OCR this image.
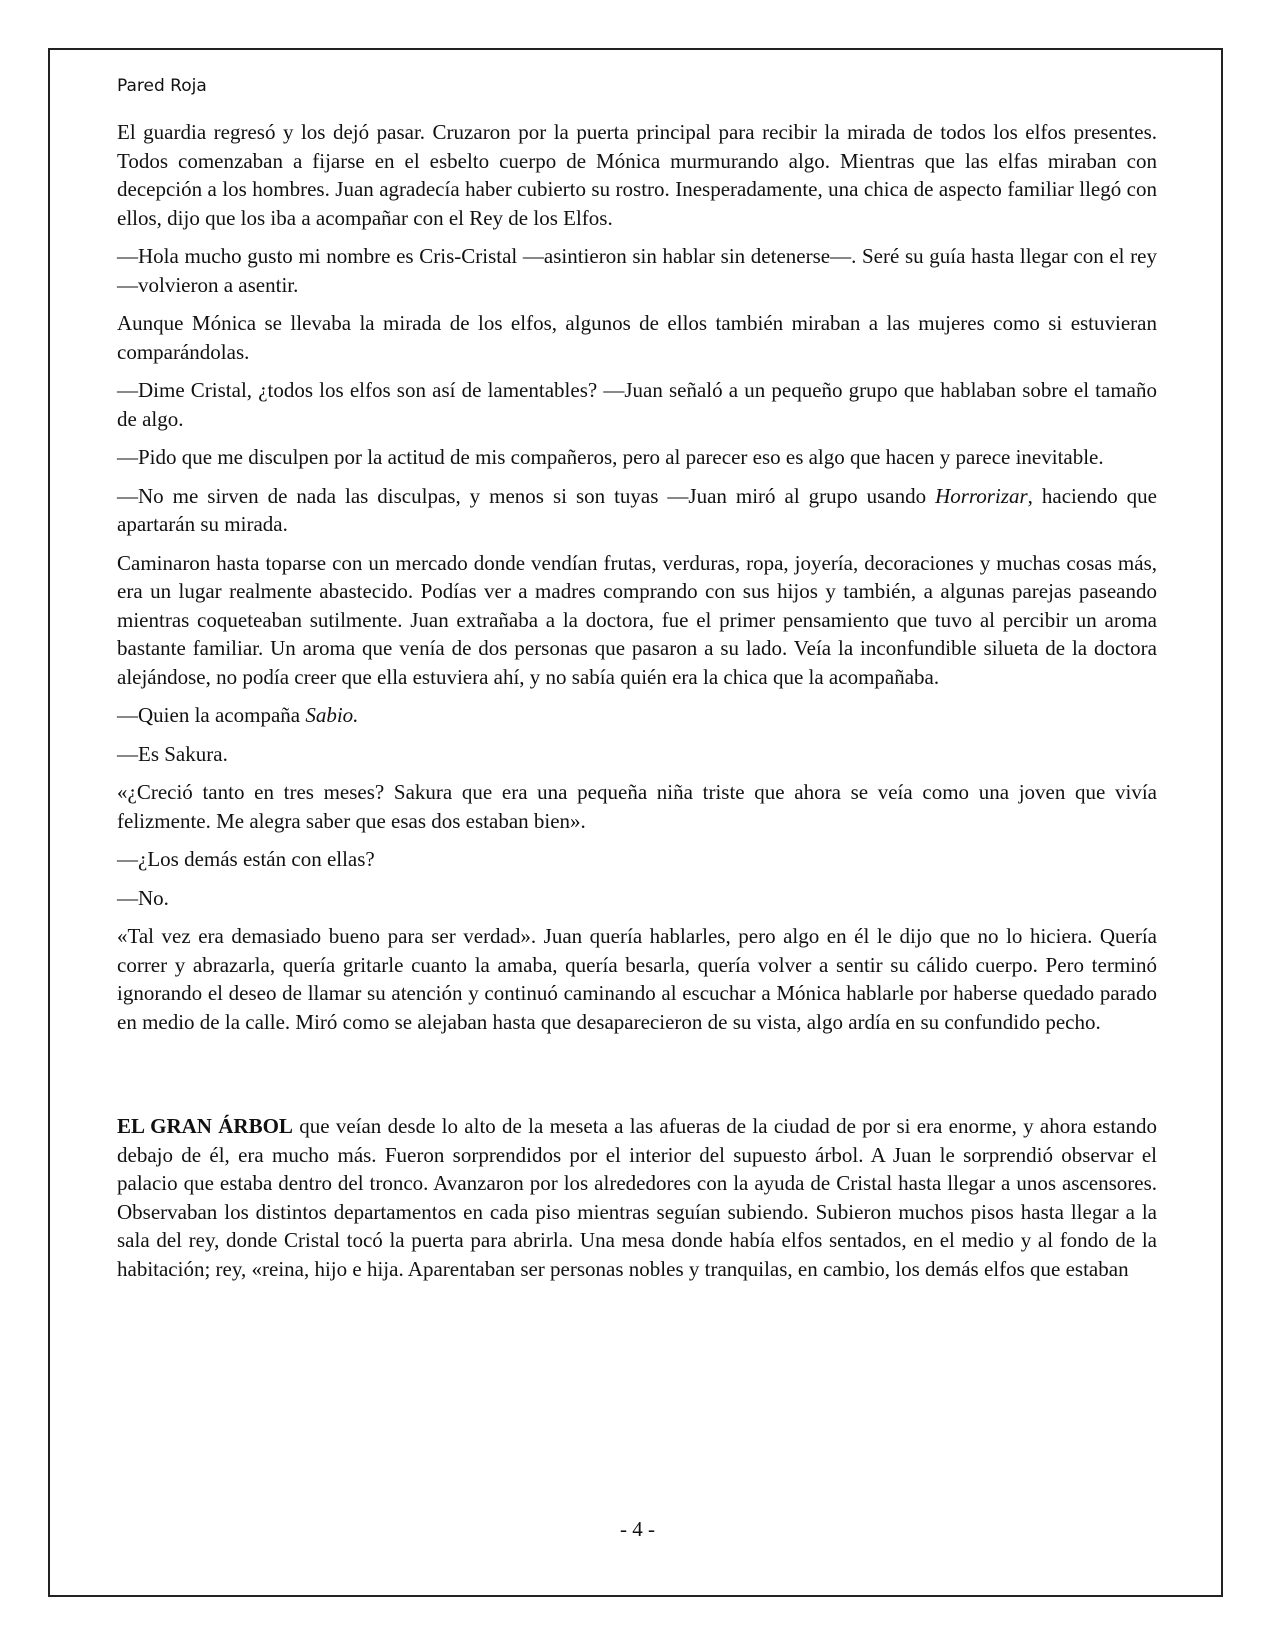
Pared Roja

El guardia regresó y los dejó pasar. Cruzaron por la puerta principal para recibir la mirada de todos los elfos presentes. Todos comenzaban a fijarse en el esbelto cuerpo de Mónica murmurando algo. Mientras que las elfas miraban con decepción a los hombres. Juan agradecía haber cubierto su rostro. Inesperadamente, una chica de aspecto familiar llegó con ellos, dijo que los iba a acompañar con el Rey de los Elfos.

—Hola mucho gusto mi nombre es Cris-Cristal —asintieron sin hablar sin detenerse—. Seré su guía hasta llegar con el rey —volvieron a asentir.

Aunque Mónica se llevaba la mirada de los elfos, algunos de ellos también miraban a las mujeres como si estuvieran comparándolas.

—Dime Cristal, ¿todos los elfos son así de lamentables? —Juan señaló a un pequeño grupo que hablaban sobre el tamaño de algo.

—Pido que me disculpen por la actitud de mis compañeros, pero al parecer eso es algo que hacen y parece inevitable.

—No me sirven de nada las disculpas, y menos si son tuyas —Juan miró al grupo usando Horrorizar, haciendo que apartarán su mirada.

Caminaron hasta toparse con un mercado donde vendían frutas, verduras, ropa, joyería, decoraciones y muchas cosas más, era un lugar realmente abastecido. Podías ver a madres comprando con sus hijos y también, a algunas parejas paseando mientras coqueteaban sutilmente. Juan extrañaba a la doctora, fue el primer pensamiento que tuvo al percibir un aroma bastante familiar. Un aroma que venía de dos personas que pasaron a su lado. Veía la inconfundible silueta de la doctora alejándose, no podía creer que ella estuviera ahí, y no sabía quién era la chica que la acompañaba.

—Quien la acompaña Sabio.

—Es Sakura.

«¿Creció tanto en tres meses? Sakura que era una pequeña niña triste que ahora se veía como una joven que vivía felizmente. Me alegra saber que esas dos estaban bien».

—¿Los demás están con ellas?

—No.

«Tal vez era demasiado bueno para ser verdad». Juan quería hablarles, pero algo en él le dijo que no lo hiciera. Quería correr y abrazarla, quería gritarle cuanto la amaba, quería besarla, quería volver a sentir su cálido cuerpo. Pero terminó ignorando el deseo de llamar su atención y continuó caminando al escuchar a Mónica hablarle por haberse quedado parado en medio de la calle. Miró como se alejaban hasta que desaparecieron de su vista, algo ardía en su confundido pecho.

EL GRAN ÁRBOL que veían desde lo alto de la meseta a las afueras de la ciudad de por si era enorme, y ahora estando debajo de él, era mucho más. Fueron sorprendidos por el interior del supuesto árbol. A Juan le sorprendió observar el palacio que estaba dentro del tronco. Avanzaron por los alrededores con la ayuda de Cristal hasta llegar a unos ascensores. Observaban los distintos departamentos en cada piso mientras seguían subiendo. Subieron muchos pisos hasta llegar a la sala del rey, donde Cristal tocó la puerta para abrirla. Una mesa donde había elfos sentados, en el medio y al fondo de la habitación; rey, «reina, hijo e hija. Aparentaban ser personas nobles y tranquilas, en cambio, los demás elfos que estaban

- 4 -
